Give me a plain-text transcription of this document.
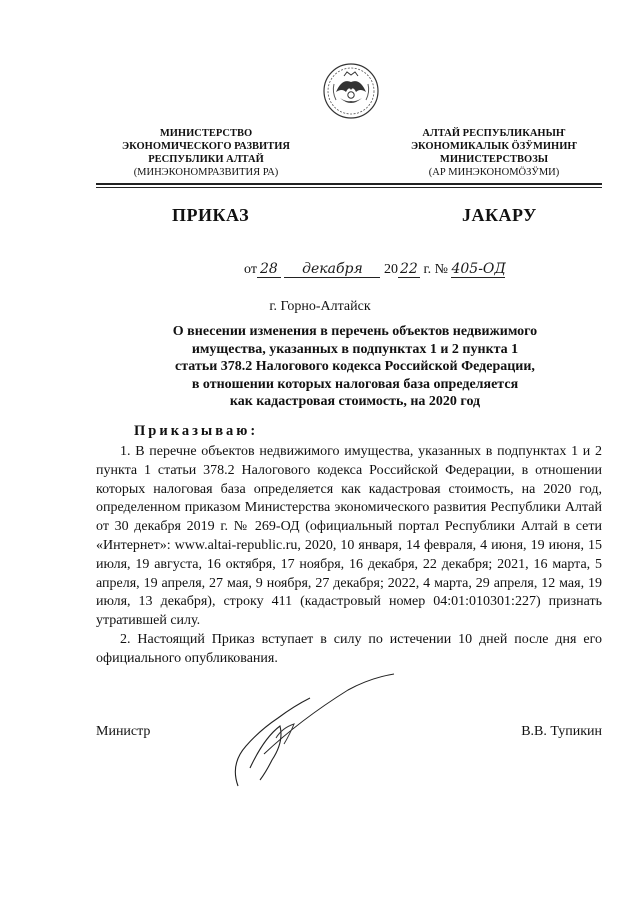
МИНИСТЕРСТВО
ЭКОНОМИЧЕСКОГО РАЗВИТИЯ
РЕСПУБЛИКИ АЛТАЙ
(МИНЭКОНОМРАЗВИТИЯ РА)
АЛТАЙ РЕСПУБЛИКАНЫҤ
ЭКОНОМИКАЛЫК ӦЗӰМИНИҤ
МИНИСТЕРСТВОЗЫ
(АР МИНЭКОНОМӦЗӰМИ)
ПРИКАЗ	ЈАКАРУ
от 28 декабря 20 22 г. № 405-ОД
г. Горно-Алтайск
О внесении изменения в перечень объектов недвижимого
имущества, указанных в подпунктах 1 и 2 пункта 1
статьи 378.2 Налогового кодекса Российской Федерации,
в отношении которых налоговая база определяется
как кадастровая стоимость, на 2020 год
Приказываю:

1. В перечне объектов недвижимого имущества, указанных в подпунктах 1 и 2 пункта 1 статьи 378.2 Налогового кодекса Российской Федерации, в отношении которых налоговая база определяется как кадастровая стоимость, на 2020 год, определенном приказом Министерства экономического развития Республики Алтай от 30 декабря 2019 г. № 269-ОД (официальный портал Республики Алтай в сети «Интернет»: www.altai-republic.ru, 2020, 10 января, 14 февраля, 4 июня, 19 июня, 15 июля, 19 августа, 16 октября, 17 ноября, 16 декабря, 22 декабря; 2021, 16 марта, 5 апреля, 19 апреля, 27 мая, 9 ноября, 27 декабря; 2022, 4 марта, 29 апреля, 12 мая, 19 июля, 13 декабря), строку 411 (кадастровый номер 04:01:010301:227) признать утратившей силу.

2. Настоящий Приказ вступает в силу по истечении 10 дней после дня его официального опубликования.

Министр	В.В. Тупикин
